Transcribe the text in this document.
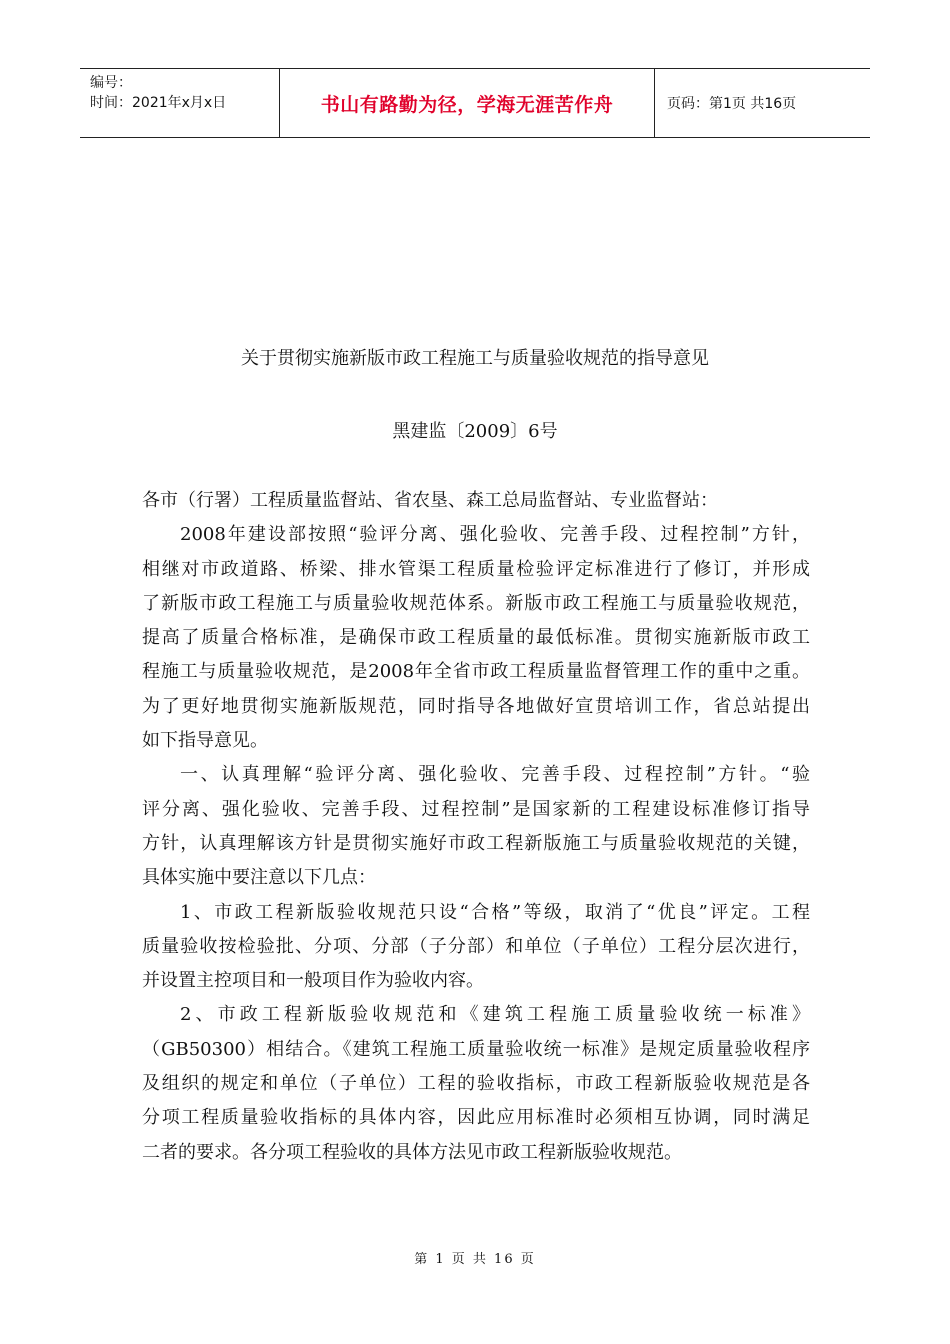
编号：
时间：2021年x月x日	书山有路勤为径，学海无涯苦作舟	页码：第1页 共16页
关于贯彻实施新版市政工程施工与质量验收规范的指导意见
黑建监〔2009〕6号
各市（行署）工程质量监督站、省农垦、森工总局监督站、专业监督站：
2008年建设部按照“验评分离、强化验收、完善手段、过程控制”方针，
相继对市政道路、桥梁、排水管渠工程质量检验评定标准进行了修订，并形成
了新版市政工程施工与质量验收规范体系。新版市政工程施工与质量验收规范，
提高了质量合格标准，是确保市政工程质量的最低标准。贯彻实施新版市政工
程施工与质量验收规范，是2008年全省市政工程质量监督管理工作的重中之重。
为了更好地贯彻实施新版规范，同时指导各地做好宣贯培训工作，省总站提出
如下指导意见。
一、认真理解“验评分离、强化验收、完善手段、过程控制”方针。“验
评分离、强化验收、完善手段、过程控制”是国家新的工程建设标准修订指导
方针，认真理解该方针是贯彻实施好市政工程新版施工与质量验收规范的关键，
具体实施中要注意以下几点：
1、市政工程新版验收规范只设“合格”等级，取消了“优良”评定。工程
质量验收按检验批、分项、分部（子分部）和单位（子单位）工程分层次进行，
并设置主控项目和一般项目作为验收内容。
2、市政工程新版验收规范和《建筑工程施工质量验收统一标准》
（GB50300）相结合。《建筑工程施工质量验收统一标准》是规定质量验收程序
及组织的规定和单位（子单位）工程的验收指标，市政工程新版验收规范是各
分项工程质量验收指标的具体内容，因此应用标准时必须相互协调，同时满足
二者的要求。各分项工程验收的具体方法见市政工程新版验收规范。
第 1 页 共 16 页
